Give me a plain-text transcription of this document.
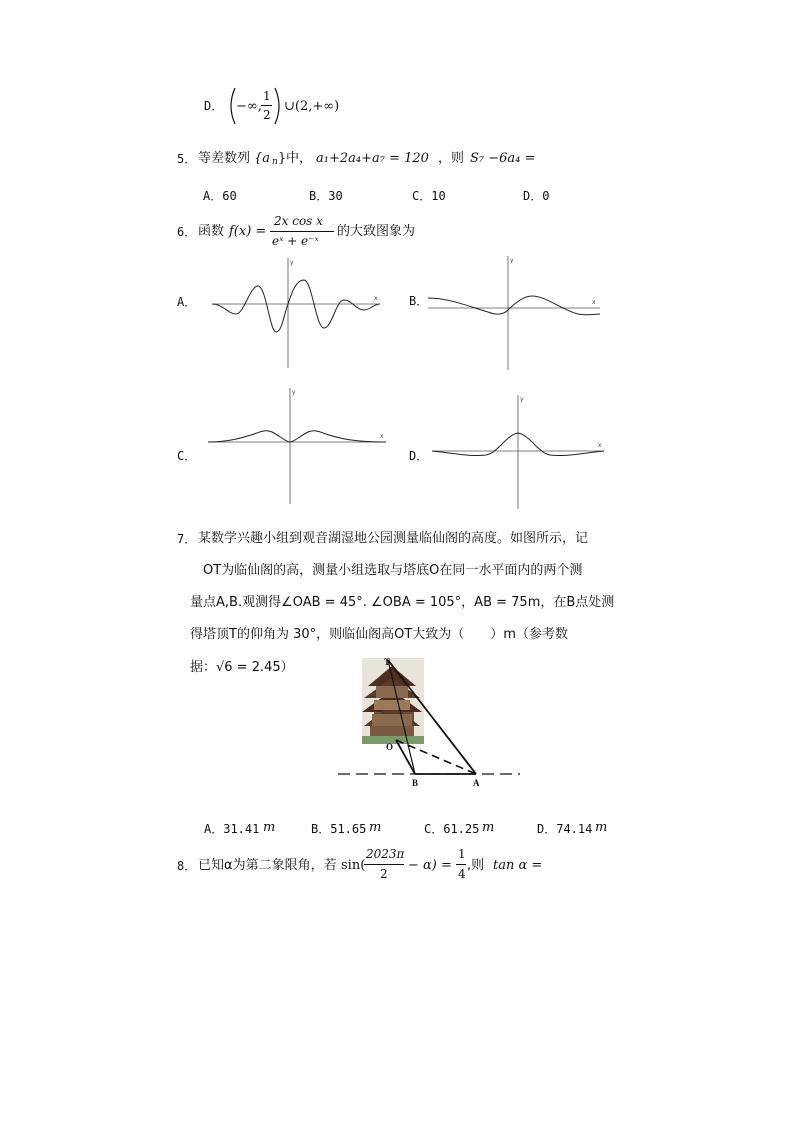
D． −∞,
1
2
∪(2,+∞)
5． 等差数列 {a n } 中， a₁+2a₄+a₇ = 120 ，则 S₇ −6a₄ =
A．60	B．30	C．10	D．0
6． 函数 f(x) =
2x cos x
eˣ + e⁻ˣ
的大致图象为
A．	B．
C．	D．
x
y
x
y
x
y
x
y
7． 某数学兴趣小组到观音湖湿地公园测量临仙阁的高度。如图所示，记
OT为临仙阁的高，测量小组选取与塔底O在同一水平面内的两个测
量点A,B.观测得∠OAB = 45°. ∠OBA = 105°，AB = 75m，在B点处测
得塔顶T的仰角为 30°，则临仙阁高OT大致为（　　）m（参考数
据：√6 = 2.45）	T
O
B	A
A．31.41 m	B．51.65 m	C．61.25 m	D．74.14 m
8． 已知α为第二象限角，若 sin(
2023π
2
− α) =
1
4
,则 tan α =
